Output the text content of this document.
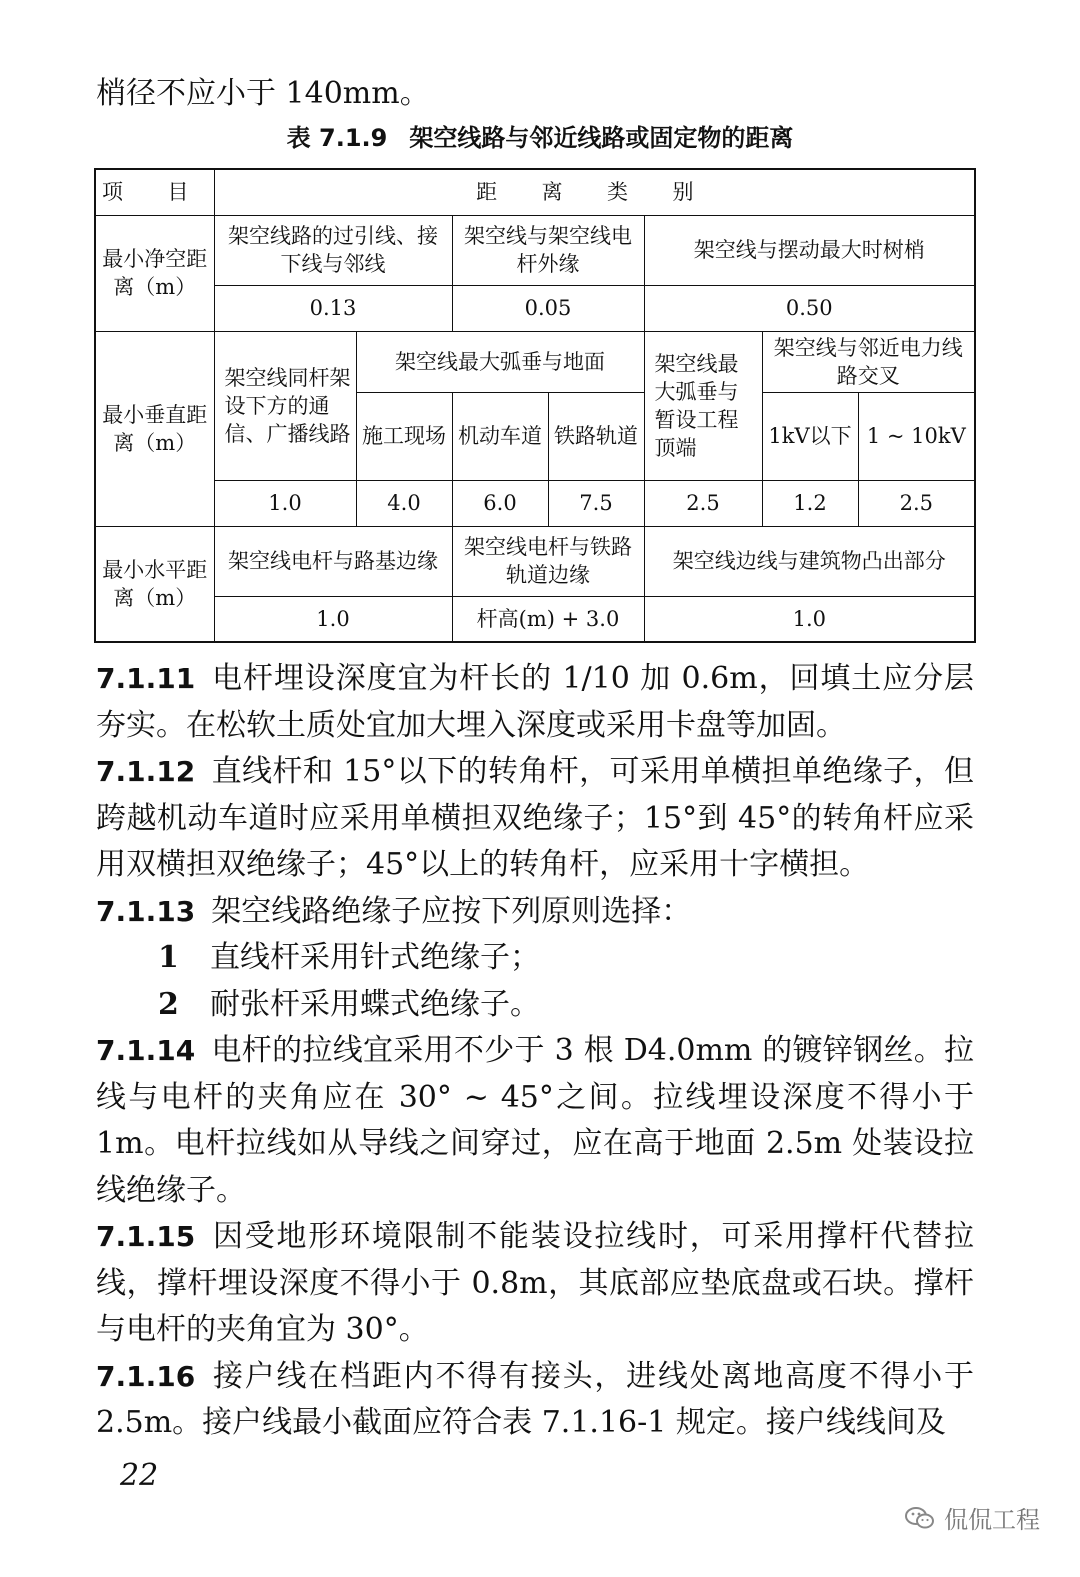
梢径不应小于 140mm。
表 7.1.9 架空线路与邻近线路或固定物的距离
项 目	距 离 类 别						
最小净空距离（m）	架空线路的过引线、接下线与邻线		架空线与架空线电杆外缘		架空线与摆动最大时树梢		
	0.13		0.05		0.50		
最小垂直距离（m）	架空线同杆架设下方的通信、广播线路	架空线最大弧垂与地面			架空线最大弧垂与暂设工程顶端	架空线与邻近电力线路交叉	
		施工现场	机动车道	铁路轨道		1kV以下	1 ~ 10kV
	1.0	4.0	6.0	7.5	2.5	1.2	2.5
最小水平距离（m）	架空线电杆与路基边缘		架空线电杆与铁路轨道边缘		架空线边线与建筑物凸出部分		
	1.0		杆高(m) + 3.0		1.0		

7.1.11 电杆埋设深度宜为杆长的 1/10 加 0.6m，回填土应分层夯实。在松软土质处宜加大埋入深度或采用卡盘等加固。

7.1.12 直线杆和 15°以下的转角杆，可采用单横担单绝缘子，但跨越机动车道时应采用单横担双绝缘子；15°到 45°的转角杆应采用双横担双绝缘子；45°以上的转角杆，应采用十字横担。

7.1.13 架空线路绝缘子应按下列原则选择：

1 直线杆采用针式绝缘子；

2 耐张杆采用蝶式绝缘子。

7.1.14 电杆的拉线宜采用不少于 3 根 D4.0mm 的镀锌钢丝。拉线与电杆的夹角应在 30° ~ 45°之间。拉线埋设深度不得小于 1m。电杆拉线如从导线之间穿过，应在高于地面 2.5m 处装设拉线绝缘子。

7.1.15 因受地形环境限制不能装设拉线时，可采用撑杆代替拉线，撑杆埋设深度不得小于 0.8m，其底部应垫底盘或石块。撑杆与电杆的夹角宜为 30°。

7.1.16 接户线在档距内不得有接头，进线处离地高度不得小于 2.5m。接户线最小截面应符合表 7.1.16-1 规定。接户线线间及

22
侃侃工程
